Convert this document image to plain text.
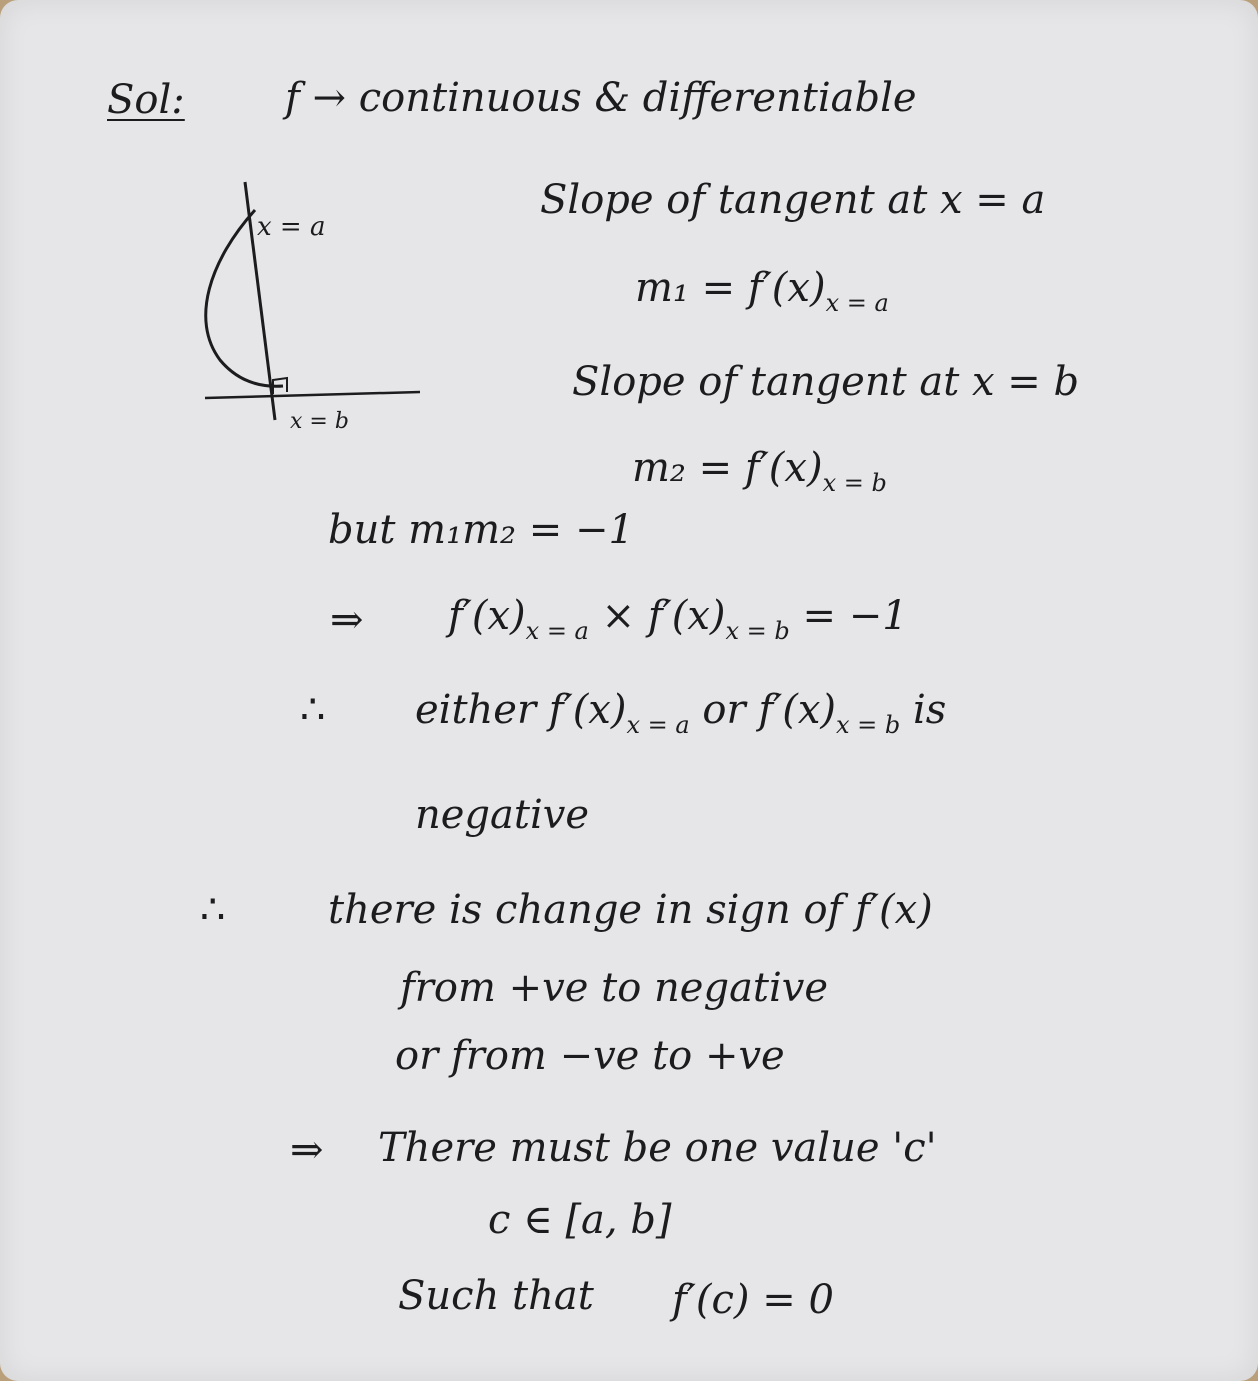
Sol:	f → continuous & differentiable
x = a
x = b
Slope of tangent at x = a
$m_1 = f'(x)_{x = a}$
Slope of tangent at x = b
$m_2 = f'(x)_{x = b}$
but m₁m₂ = −1
⇒ $f'(x)_{x = a} \times f'(x)_{x = b} = -1$
∴ either $f'(x)_{x = a}$ or $f'(x)_{x = b}$ is
negative
∴	there is change in sign of f′(x)
from +ve to negative
or from −ve to +ve
⇒ There must be one value 'c'
c ∈ [a, b]
Such that f′(c) = 0
